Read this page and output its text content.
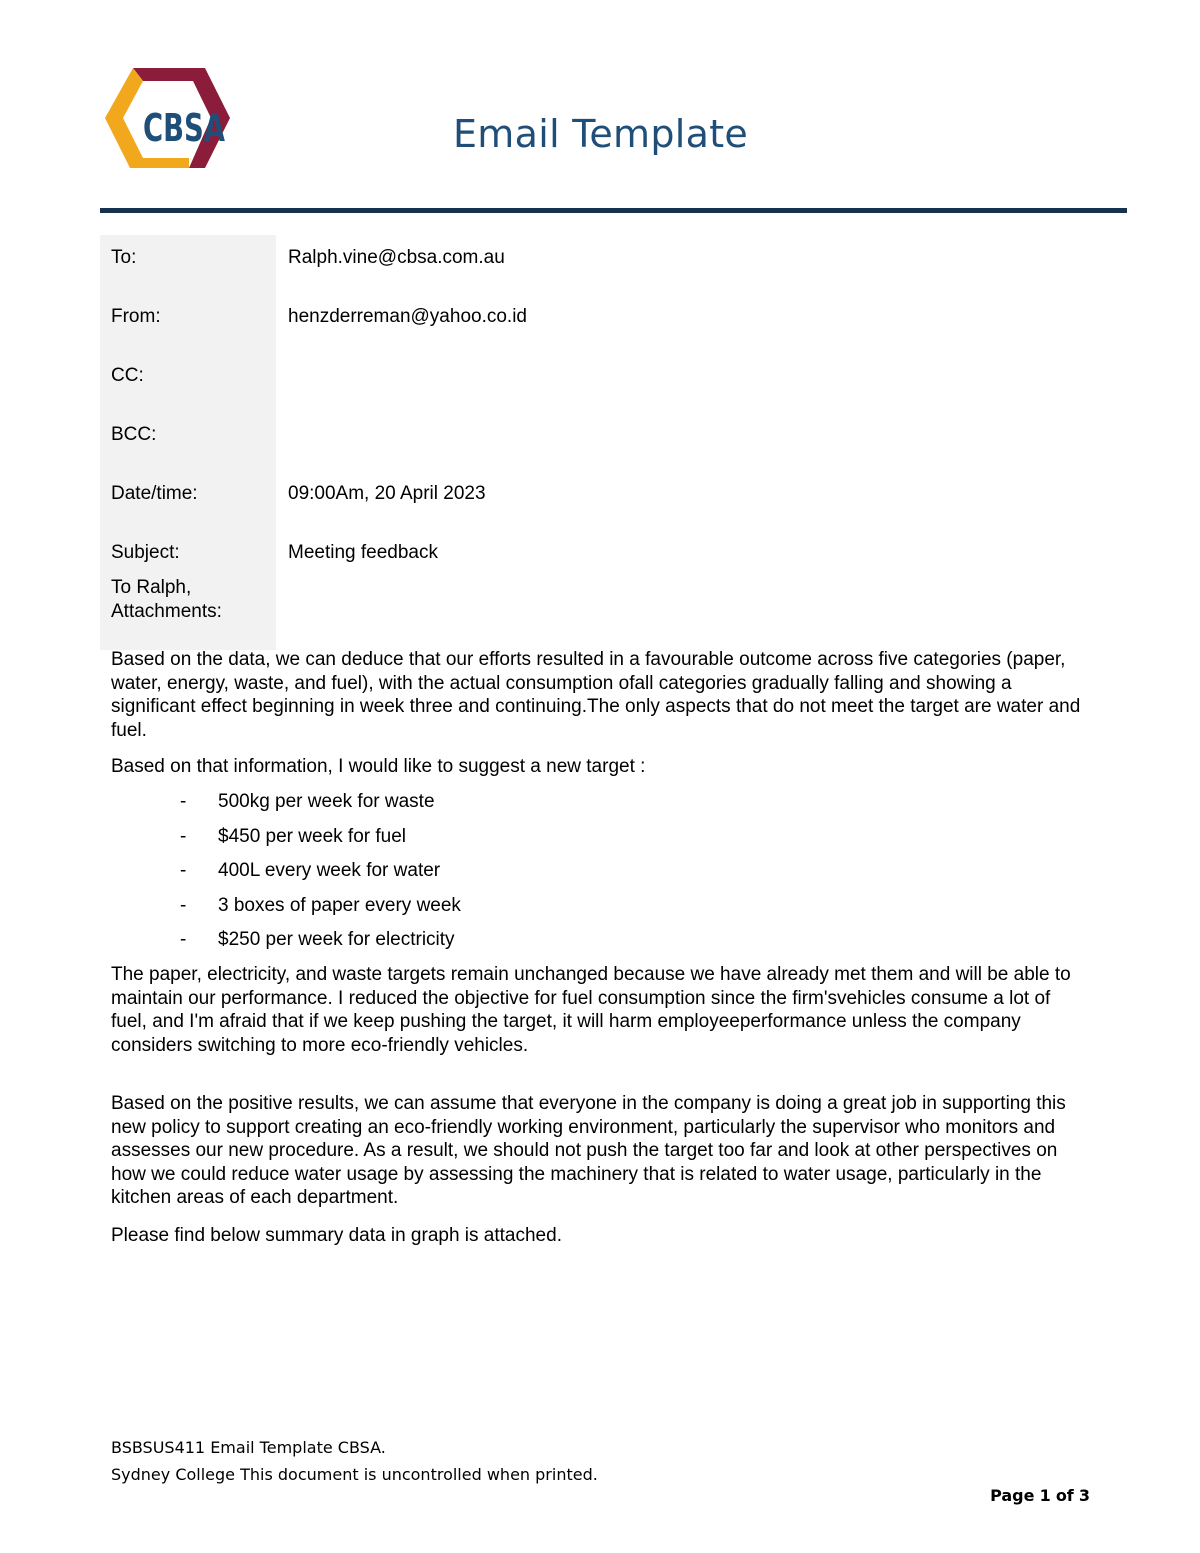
CBSA	Email Template
To:	Ralph.vine@cbsa.com.au
From:	henzderreman@yahoo.co.id
CC:	
BCC:	
Date/time:	09:00Am, 20 April 2023
Subject:	Meeting feedback
Attachments:	

To Ralph,

Based on the data, we can deduce that our efforts resulted in a favourable outcome across five categories (paper, water, energy, waste, and fuel), with the actual consumption ofall categories gradually falling and showing a significant effect beginning in week three and continuing.The only aspects that do not meet the target are water and fuel.

Based on that information, I would like to suggest a new target :

- 500kg per week for waste
- $450 per week for fuel
- 400L every week for water
- 3 boxes of paper every week
- $250 per week for electricity

The paper, electricity, and waste targets remain unchanged because we have already met them and will be able to maintain our performance. I reduced the objective for fuel consumption since the firm'svehicles consume a lot of fuel, and I'm afraid that if we keep pushing the target, it will harm employeeperformance unless the company considers switching to more eco-friendly vehicles.

Based on the positive results, we can assume that everyone in the company is doing a great job in supporting this new policy to support creating an eco-friendly working environment, particularly the supervisor who monitors and assesses our new procedure. As a result, we should not push the target too far and look at other perspectives on how we could reduce water usage by assessing the machinery that is related to water usage, particularly in the kitchen areas of each department.

Please find below summary data in graph is attached.

BSBSUS411 Email Template CBSA.
Sydney College This document is uncontrolled when printed.
Page 1 of 3
